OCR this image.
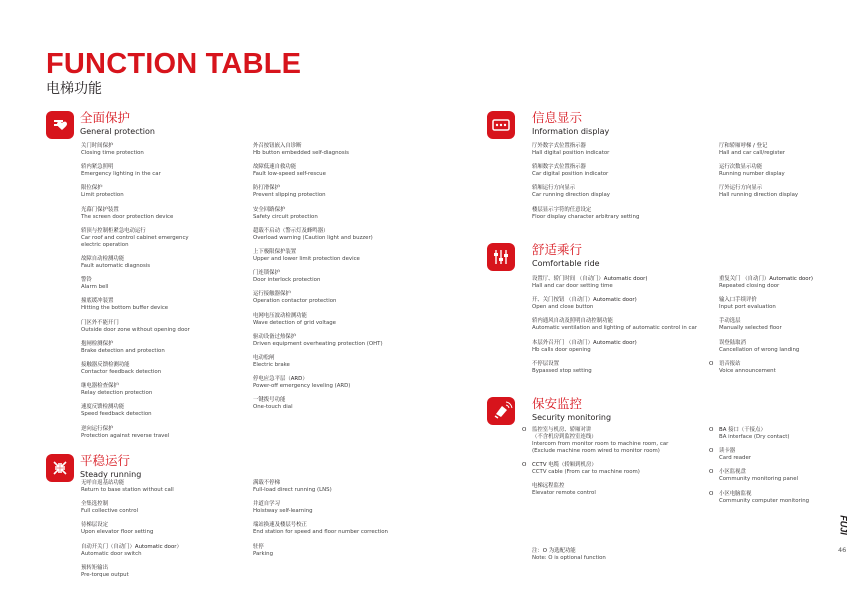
FUNCTION TABLE
电梯功能
全面保护
General protection
关门时间保护
Closing time protection
轿内紧急照明
Emergency lighting in the car
限位保护
Limit protection
光幕门保护装置
The screen door protection device
轿顶与控制柜紧急电动运行
Car roof and control cabinet emergency
electric operation
故障自动检测功能
Fault automatic diagnosis
警铃
Alarm bell
撞底缓冲装置
Hitting the bottom buffer device
门区外不能开门
Outside door zone without opening door
抱闸检测保护
Brake detection and protection
接触器反馈检测功能
Contactor feedback detection
继电器检查保护
Relay detection protection
速度反馈检测功能
Speed feedback detection
逆向运行保护
Protection against reverse travel
外召按钮嵌入自诊断
Hb button embedded self-diagnosis
故障低速自救功能
Fault low-speed self-rescue
防打滑保护
Prevent slipping protection
安全回路保护
Safety circuit protection
超载不启动（警示灯及蜂鸣器）
Overload warning (Caution light and buzzer)
上下极限保护装置
Upper and lower limit protection device
门连锁保护
Door interlock protection
运行接触器保护
Operation contactor protection
电网电压波动检测功能
Wave detection of grid voltage
驱动设备过热保护
Driven equipment overheating protection (OHT)
电动松闸
Electric brake
停电应急平层（ARD）
Power-off emergency leveling (ARD)
一键拨号功能
One-touch dial
平稳运行
Steady running
无呼自返基站功能
Return to base station without call
全集选控制
Full collective control
待梯层设定
Upon elevator floor setting
自动开关门（自动门）Automatic door）
Automatic door switch
预转矩输出
Pre-torque output
满载不停梯
Full-load direct running (LNS)
井道自学习
Hoistway self-learning
端站换速及楼层号校正
End station for speed and floor number correction
驻停
Parking
信息显示
Information display
厅外数字式位置指示器
Hall digital position indicator
轿厢数字式位置指示器
Car digital position indicator
轿厢运行方向显示
Car running direction display
楼层显示字符的任意设定
Floor display character arbitrary setting
厅和轿厢呼梯 / 登记
Hall and car call/register
运行次数显示功能
Running number display
厅外运行方向显示
Hall running direction display
舒适乘行
Comfortable ride
设置厅、轿门时间 （自动门）Automatic door)
Hall and car door setting time
开、关门按钮 （自动门）Automatic door)
Open and close button
轿内通风自动及照明自动控制功能
Automatic ventilation and lighting of automatic control in car
本层外召开门 （自动门）Automatic door)
Hb calls door opening
不停层设置
Bypassed stop setting
重复关门 （自动门）Automatic door)
Repeated closing door
输入口手续评价
Input port evaluation
手动选层
Manually selected floor
误登陆取消
Cancellation of wrong landing
O 语音报站
Voice announcement
保安监控
Security monitoring
O 监控室与机房、轿厢对讲
（不含机房到监控室连线）
Intercom from monitor room to machine room, car
(Exclude machine room wired to monitor room)
O CCTV 电缆（轿厢到机房）
CCTV cable (From car to machine room)
电梯远程监控
Elevator remote control
O BA 接口（干接点）
BA interface (Dry contact)
O 读卡器
Card reader
O 小区监视盘
Community monitoring panel
O 小区电脑监视
Community computer monitoring
注：O 为选配功能
Note: O is optional function
FUJI
46
